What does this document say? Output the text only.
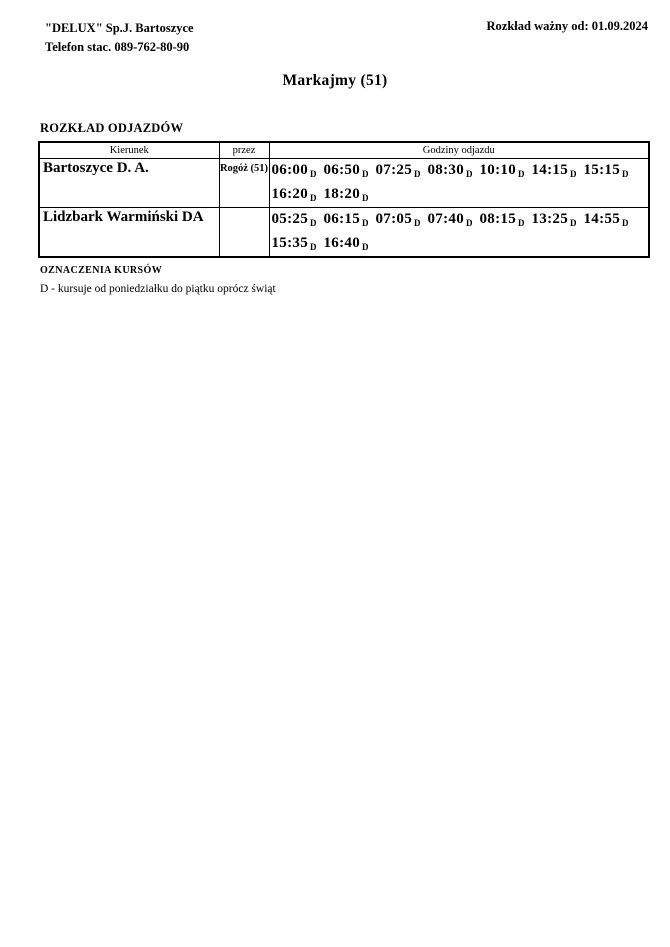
"DELUX" Sp.J. Bartoszyce
Telefon stac. 089-762-80-90
Rozkład ważny od: 01.09.2024
Markajmy (51)
ROZKŁAD ODJAZDÓW
Kierunek	przez	Godziny odjazdu
Bartoszyce D. A.	Rogóż (51)	06:00 $_D$ 06:50 $_D$ 07:25 $_D$ 08:30 $_D$ 10:10 $_D$ 14:15 $_D$ 15:15 $_D$16:20 $_D$ 18:20 $_D$
Lidzbark Warmiński DA		05:25 $_D$ 06:15 $_D$ 07:05 $_D$ 07:40 $_D$ 08:15 $_D$ 13:25 $_D$ 14:55 $_D$15:35 $_D$ 16:40 $_D$
OZNACZENIA KURSÓW
D - kursuje od poniedziałku do piątku oprócz świąt
